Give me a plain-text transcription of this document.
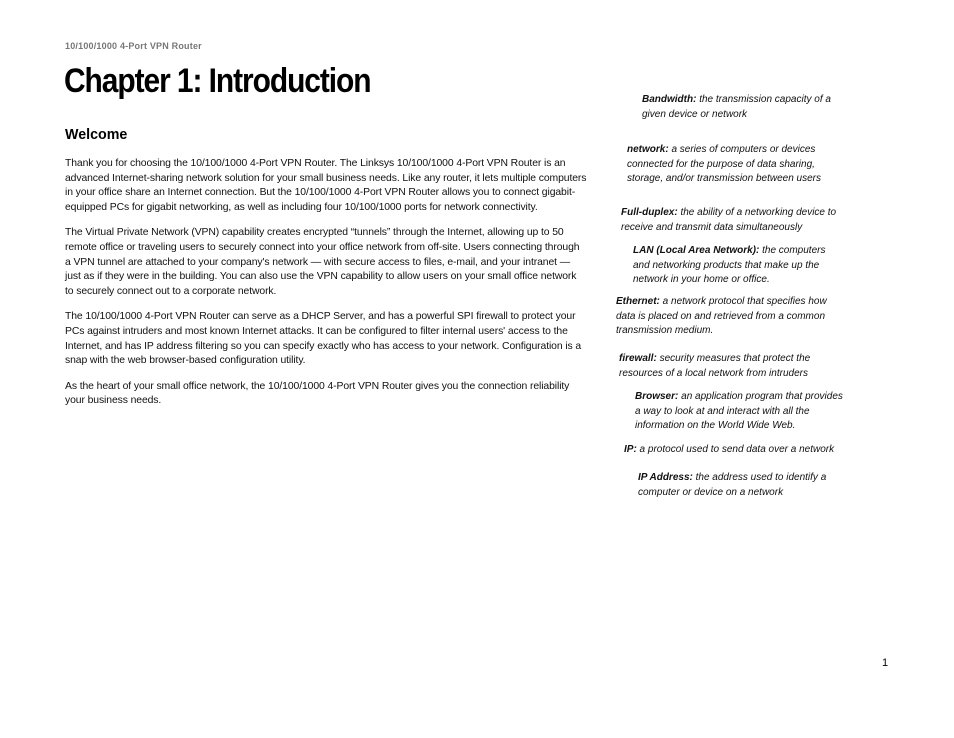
10/100/1000 4-Port VPN Router
Chapter 1: Introduction
Welcome

Thank you for choosing the 10/100/1000 4-Port VPN Router. The Linksys 10/100/1000 4-Port VPN Router is an advanced Internet-sharing network solution for your small business needs. Like any router, it lets multiple computers in your office share an Internet connection. But the 10/100/1000 4-Port VPN Router allows you to connect gigabit-equipped PCs for gigabit networking, as well as including four 10/100/1000 ports for network connectivity.

The Virtual Private Network (VPN) capability creates encrypted “tunnels” through the Internet, allowing up to 50 remote office or traveling users to securely connect into your office network from off-site. Users connecting through a VPN tunnel are attached to your company's network — with secure access to files, e-mail, and your intranet — just as if they were in the building. You can also use the VPN capability to allow users on your small office network to securely connect out to a corporate network.

The 10/100/1000 4-Port VPN Router can serve as a DHCP Server, and has a powerful SPI firewall to protect your PCs against intruders and most known Internet attacks. It can be configured to filter internal users' access to the Internet, and has IP address filtering so you can specify exactly who has access to your network. Configuration is a snap with the web browser-based configuration utility.

As the heart of your small office network, the 10/100/1000 4-Port VPN Router gives you the connection reliability your business needs.

Bandwidth: the transmission capacity of a given device or network
network: a series of computers or devices connected for the purpose of data sharing, storage, and/or transmission between users
Full-duplex: the ability of a networking device to receive and transmit data simultaneously
LAN (Local Area Network): the computers and networking products that make up the network in your home or office.
Ethernet: a network protocol that specifies how data is placed on and retrieved from a common transmission medium.
firewall: security measures that protect the resources of a local network from intruders
Browser: an application program that provides a way to look at and interact with all the information on the World Wide Web.
IP: a protocol used to send data over a network
IP Address: the address used to identify a computer or device on a network
1
